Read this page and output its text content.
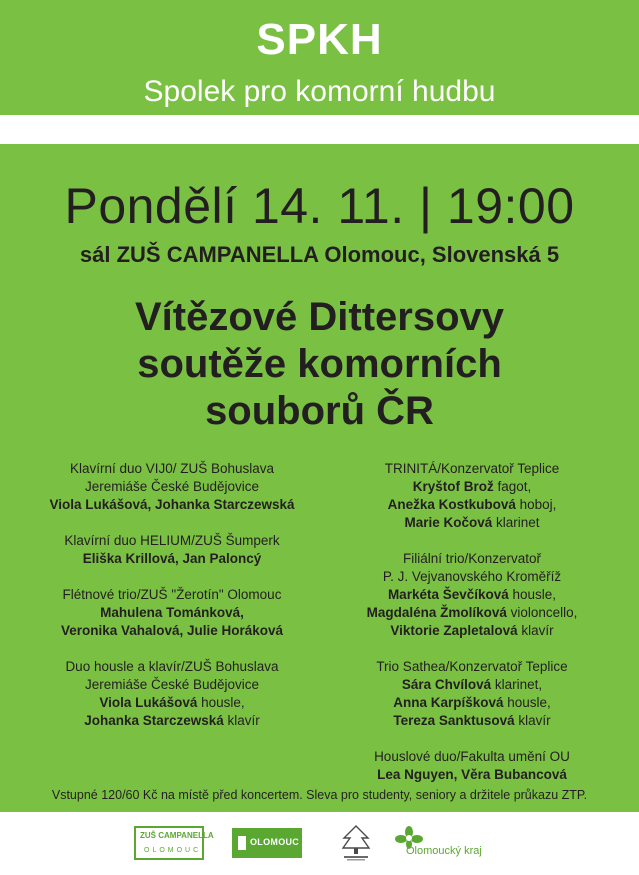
SPKH
Spolek pro komorní hudbu
Pondělí 14. 11. | 19:00
sál ZUŠ CAMPANELLA Olomouc, Slovenská 5
Vítězové Dittersovy
soutěže komorních
souborů ČR
Klavírní duo VIJ0/ ZUŠ Bohuslava
Jeremiáše České Budějovice
Viola Lukášová, Johanka Starczewská
Klavírní duo HELIUM/ZUŠ Šumperk
Eliška Krillová, Jan Paloncý
Flétnové trio/ZUŠ "Žerotín" Olomouc
Mahulena Tománková,
Veronika Vahalová, Julie Horáková
Duo housle a klavír/ZUŠ Bohuslava
Jeremiáše České Budějovice
Viola Lukášová housle,
Johanka Starczewská klavír
TRINITÁ/Konzervatoř Teplice
Kryštof Brož fagot,
Anežka Kostkubová hoboj,
Marie Kočová klarinet
Filiální trio/Konzervatoř
P. J. Vejvanovského Kroměříž
Markéta Ševčíková housle,
Magdaléna Žmolíková violoncello,
Viktorie Zapletalová klavír
Trio Sathea/Konzervatoř Teplice
Sára Chvílová klarinet,
Anna Karpíšková housle,
Tereza Sanktusová klavír
Houslové duo/Fakulta umění OU
Lea Nguyen, Věra Bubancová
Vstupné 120/60 Kč na místě před koncertem. Sleva pro studenty, seniory a držitele průkazu ZTP.
ZUŠ CAMPANELLA
OLOMOUC
OLOMOUC
Olomoucký kraj
